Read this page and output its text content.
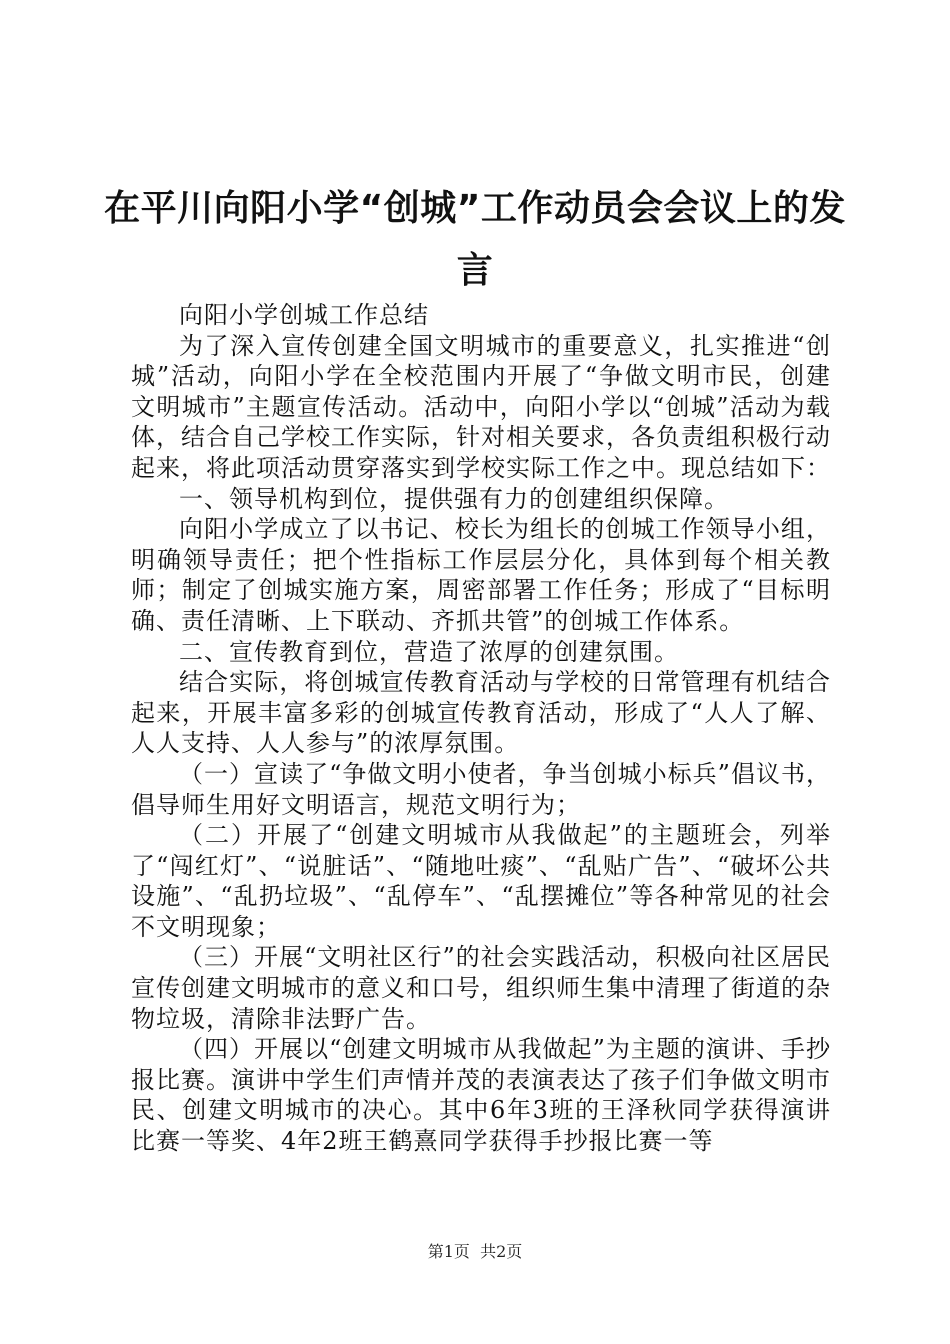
在平川向阳小学“创城”工作动员会会议上的发言

向阳小学创城工作总结

为了深入宣传创建全国文明城市的重要意义，扎实推进“创城”活动，向阳小学在全校范围内开展了“争做文明市民，创建文明城市”主题宣传活动。活动中，向阳小学以“创城”活动为载体，结合自己学校工作实际，针对相关要求，各负责组积极行动起来，将此项活动贯穿落实到学校实际工作之中。现总结如下：

一、领导机构到位，提供强有力的创建组织保障。

向阳小学成立了以书记、校长为组长的创城工作领导小组，明确领导责任；把个性指标工作层层分化，具体到每个相关教师；制定了创城实施方案，周密部署工作任务；形成了“目标明确、责任清晰、上下联动、齐抓共管”的创城工作体系。

二、宣传教育到位，营造了浓厚的创建氛围。

结合实际，将创城宣传教育活动与学校的日常管理有机结合起来，开展丰富多彩的创城宣传教育活动，形成了“人人了解、人人支持、人人参与”的浓厚氛围。

（一）宣读了“争做文明小使者，争当创城小标兵”倡议书，倡导师生用好文明语言，规范文明行为；

（二）开展了“创建文明城市从我做起”的主题班会，列举了“闯红灯”、“说脏话”、“随地吐痰”、“乱贴广告”、“破坏公共设施”、“乱扔垃圾”、“乱停车”、“乱摆摊位”等各种常见的社会不文明现象；

（三）开展“文明社区行”的社会实践活动，积极向社区居民宣传创建文明城市的意义和口号，组织师生集中清理了街道的杂物垃圾，清除非法野广告。

（四）开展以“创建文明城市从我做起”为主题的演讲、手抄报比赛。演讲中学生们声情并茂的表演表达了孩子们争做文明市民、创建文明城市的决心。其中6年3班的王泽秋同学获得演讲比赛一等奖、4年2班王鹤熹同学获得手抄报比赛一等

第1页  共2页
